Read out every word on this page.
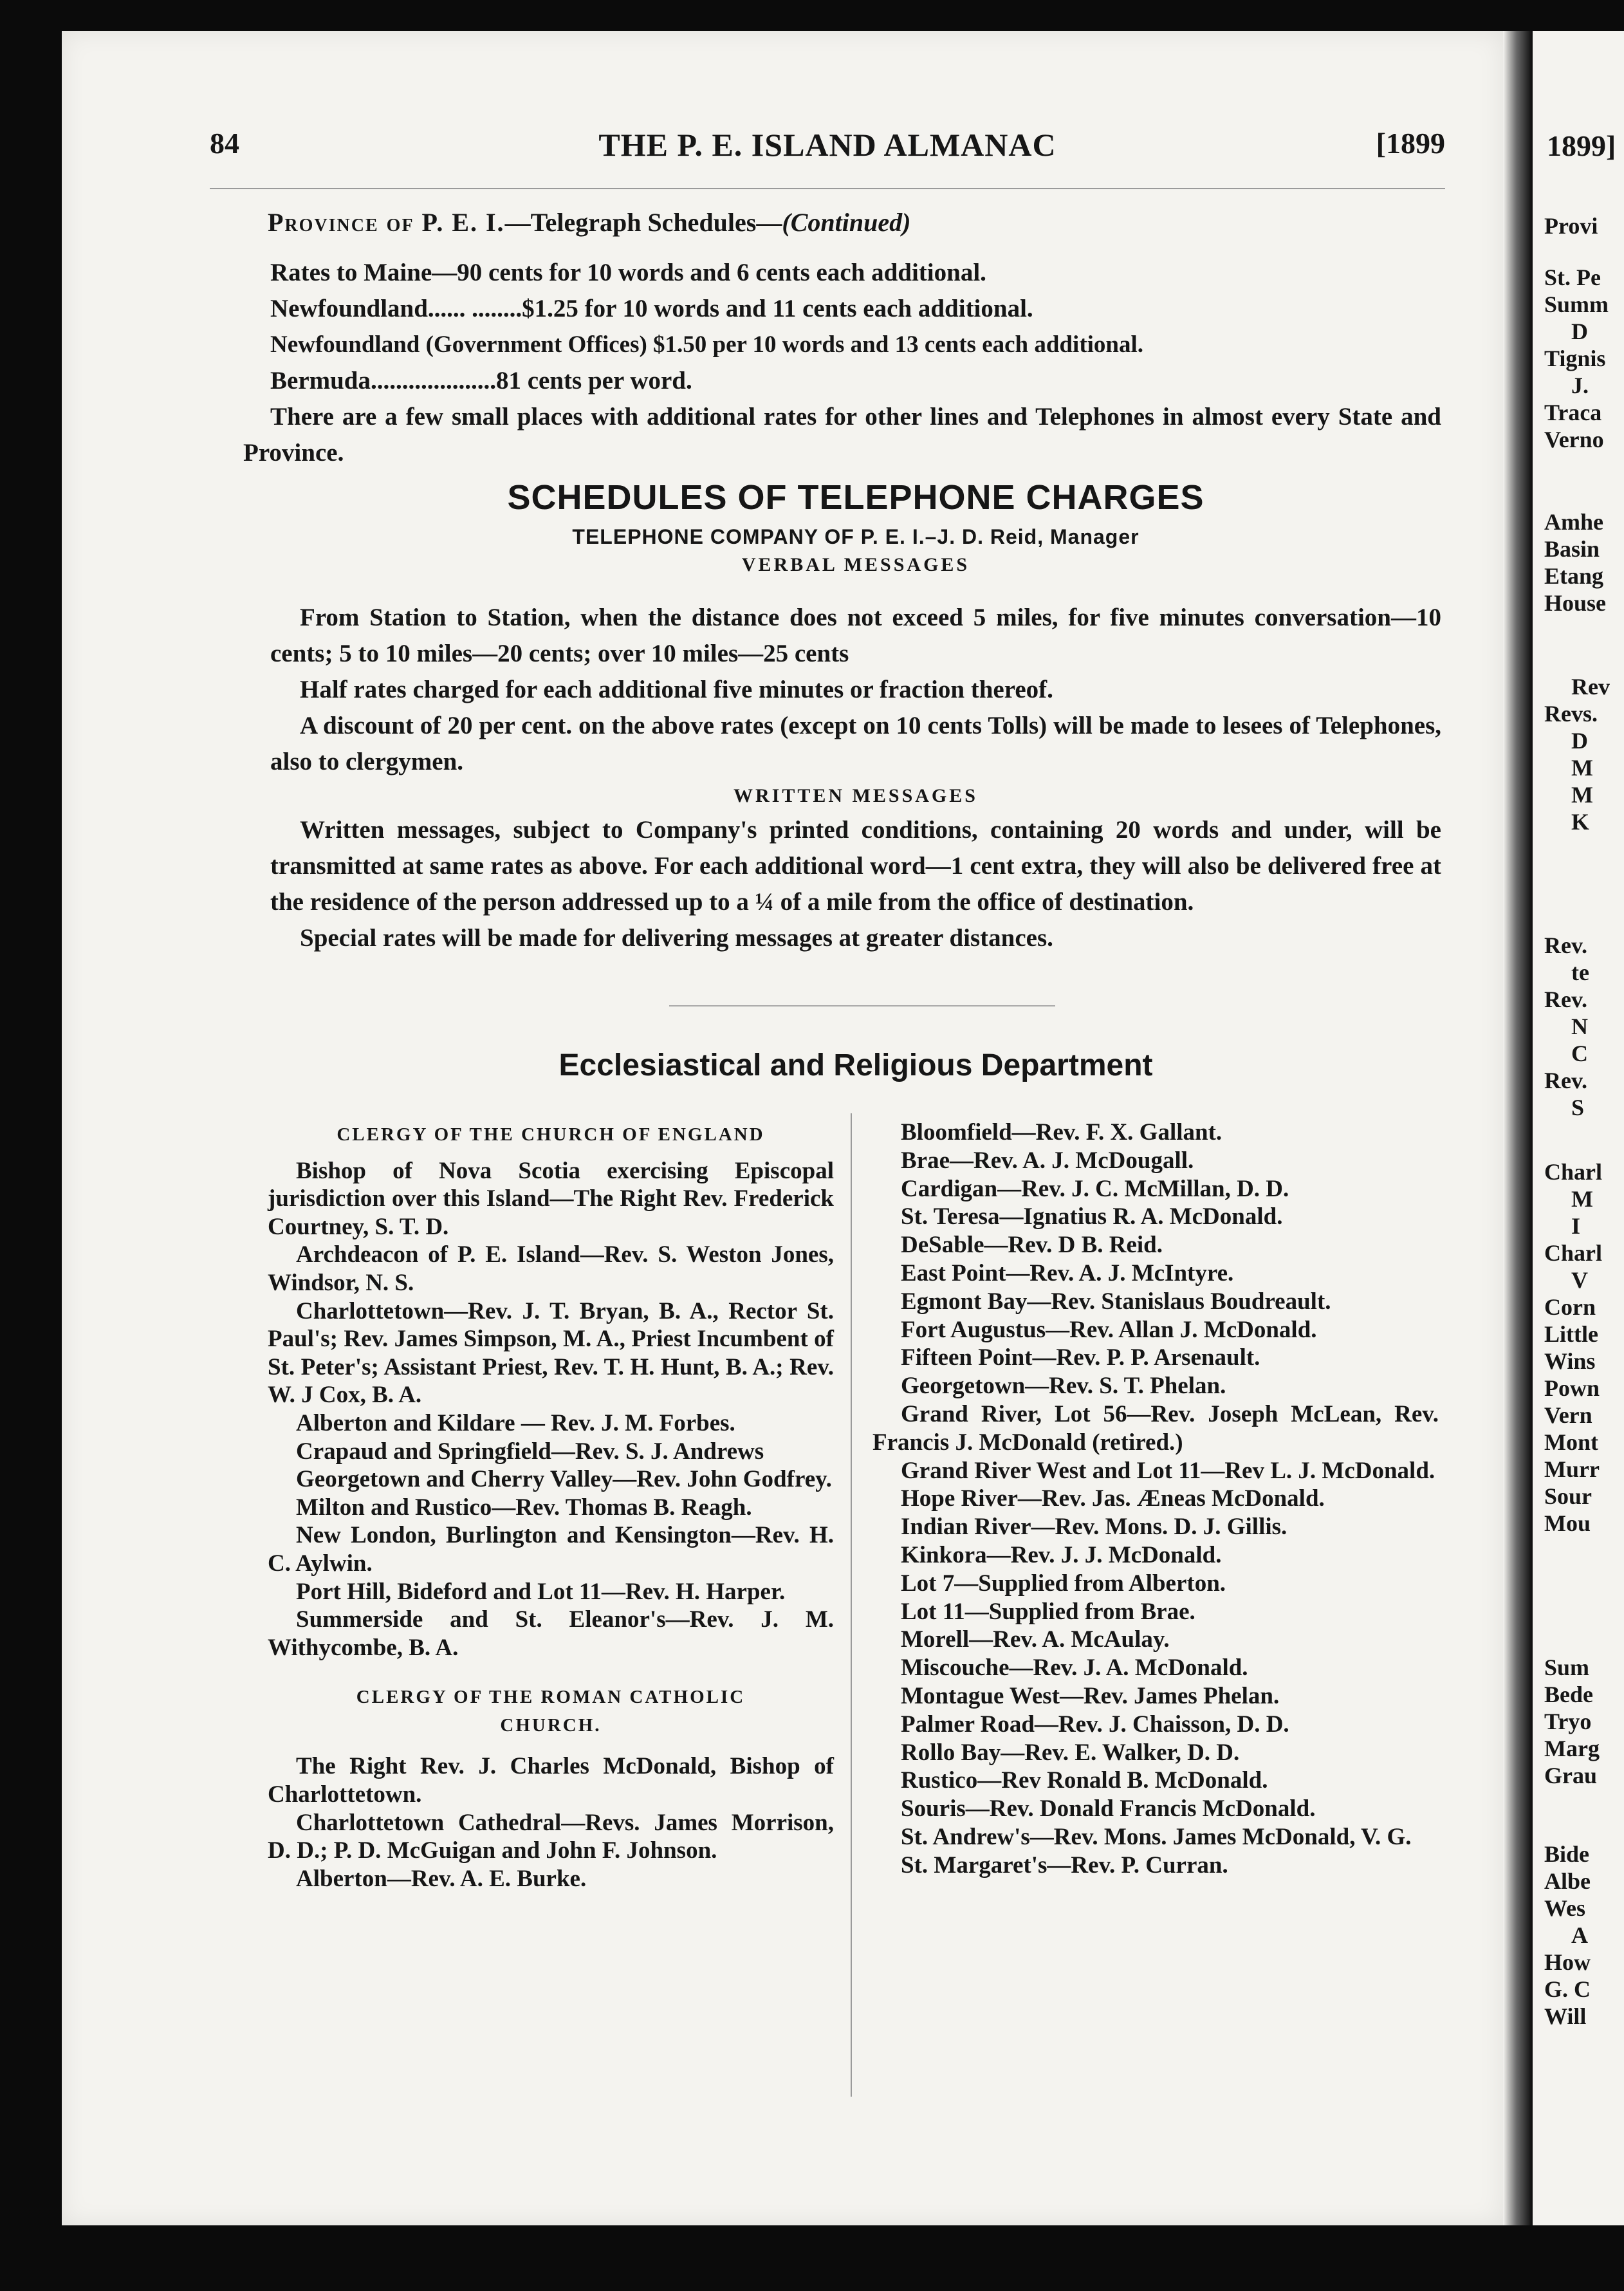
Provi
St. Pe
Summ
D
Tignis
J.
Traca
Verno
Amhe
Basin
Etang
House
Rev
Revs.
D
M
M
K
Rev.
te
Rev.
N
C
Rev.
S
Charl
M
I
Charl
V
Corn
Little
Wins
Pown
Vern
Mont
Murr
Sour
Mou
Sum
Bede
Tryo
Marg
Grau
Bide
Albe
Wes
A
How
G. C
Will
84	THE P. E. ISLAND ALMANAC	[1899

Province of P. E. I.—Telegraph Schedules—(Continued)

Rates to Maine—90 cents for 10 words and 6 cents each additional.

Newfoundland...... ........$1.25 for 10 words and 11 cents each additional.

Newfoundland (Government Offices) $1.50 per 10 words and 13 cents each additional.

Bermuda....................81 cents per word.

There are a few small places with additional rates for other lines and Telephones in almost every State and Province.

SCHEDULES OF TELEPHONE CHARGES

TELEPHONE COMPANY OF P. E. I.–J. D. Reid, Manager

VERBAL MESSAGES

From Station to Station, when the distance does not exceed 5 miles, for five minutes conversation—10 cents; 5 to 10 miles—20 cents; over 10 miles—25 cents

Half rates charged for each additional five minutes or fraction thereof.

A discount of 20 per cent. on the above rates (except on 10 cents Tolls) will be made to lesees of Telephones, also to clergymen.

WRITTEN MESSAGES

Written messages, subject to Company's printed conditions, containing 20 words and under, will be transmitted at same rates as above. For each additional word—1 cent extra, they will also be delivered free at the residence of the person addressed up to a ¼ of a mile from the office of destination.

Special rates will be made for delivering messages at greater distances.

Ecclesiastical and Religious Department

CLERGY OF THE CHURCH OF ENGLAND

Bishop of Nova Scotia exercising Episcopal jurisdiction over this Island—The Right Rev. Frederick Courtney, S. T. D.

Archdeacon of P. E. Island—Rev. S. Weston Jones, Windsor, N. S.

Charlottetown—Rev. J. T. Bryan, B. A., Rector St. Paul's; Rev. James Simpson, M. A., Priest Incumbent of St. Peter's; Assistant Priest, Rev. T. H. Hunt, B. A.; Rev. W. J Cox, B. A.

Alberton and Kildare — Rev. J. M. Forbes.

Crapaud and Springfield—Rev. S. J. Andrews

Georgetown and Cherry Valley—Rev. John Godfrey.

Milton and Rustico—Rev. Thomas B. Reagh.

New London, Burlington and Kensington—Rev. H. C. Aylwin.

Port Hill, Bideford and Lot 11—Rev. H. Harper.

Summerside and St. Eleanor's—Rev. J. M. Withycombe, B. A.

CLERGY OF THE ROMAN CATHOLIC CHURCH.

The Right Rev. J. Charles McDonald, Bishop of Charlottetown.

Charlottetown Cathedral—Revs. James Morrison, D. D.; P. D. McGuigan and John F. Johnson.

Alberton—Rev. A. E. Burke.

Bloomfield—Rev. F. X. Gallant.

Brae—Rev. A. J. McDougall.

Cardigan—Rev. J. C. McMillan, D. D.

St. Teresa—Ignatius R. A. McDonald.

DeSable—Rev. D B. Reid.

East Point—Rev. A. J. McIntyre.

Egmont Bay—Rev. Stanislaus Boudreault.

Fort Augustus—Rev. Allan J. McDonald.

Fifteen Point—Rev. P. P. Arsenault.

Georgetown—Rev. S. T. Phelan.

Grand River, Lot 56—Rev. Joseph McLean, Rev. Francis J. McDonald (retired.)

Grand River West and Lot 11—Rev L. J. McDonald.

Hope River—Rev. Jas. Æneas McDonald.

Indian River—Rev. Mons. D. J. Gillis.

Kinkora—Rev. J. J. McDonald.

Lot 7—Supplied from Alberton.

Lot 11—Supplied from Brae.

Morell—Rev. A. McAulay.

Miscouche—Rev. J. A. McDonald.

Montague West—Rev. James Phelan.

Palmer Road—Rev. J. Chaisson, D. D.

Rollo Bay—Rev. E. Walker, D. D.

Rustico—Rev Ronald B. McDonald.

Souris—Rev. Donald Francis McDonald.

St. Andrew's—Rev. Mons. James McDonald, V. G.

St. Margaret's—Rev. P. Curran.

1899]
